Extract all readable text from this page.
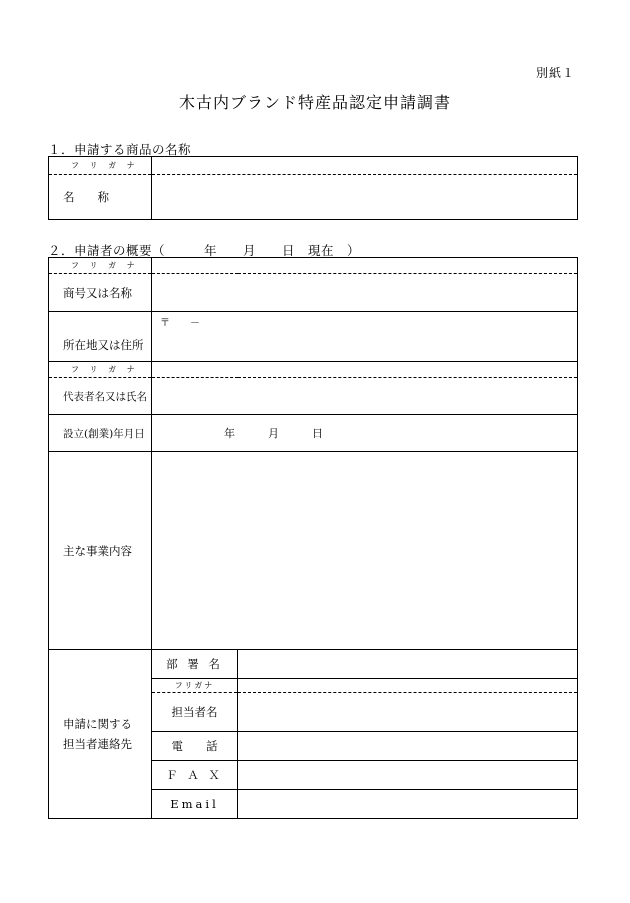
別紙１
木古内ブランド特産品認定申請調書
１．申請する商品の名称
フ リ ガ ナ	
名　　称	
２．申請者の概要（　　　年　　月　　日　現在　）
フ リ ガ ナ		
商号又は名称		
所在地又は住所	〒　　－	
フ リ ガ ナ		
代表者名又は氏名		
設立(創業)年月日	年　　　月　　　日	
主な事業内容		

申請に関する
担当者連絡先	部 署 名	
	フリガナ	
	担当者名	
	電　　話	
	Ｆ Ａ Ｘ	
	Email	
